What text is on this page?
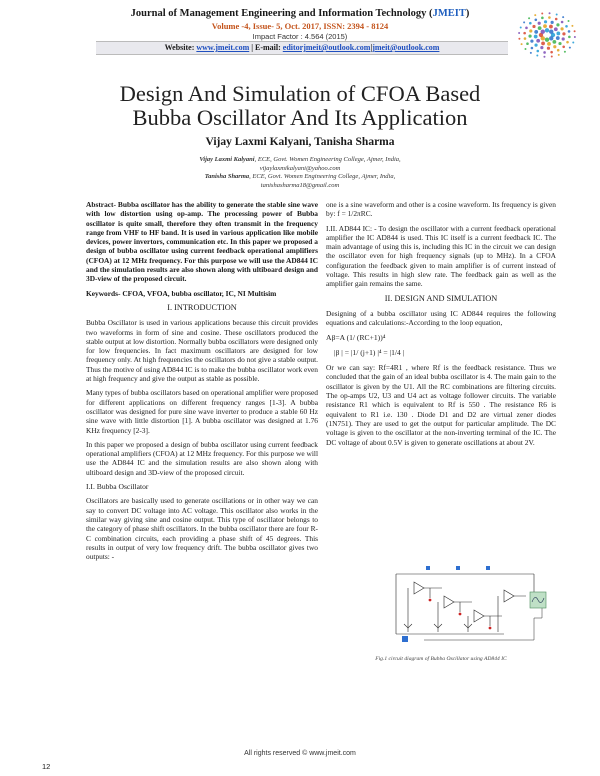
Journal of Management Engineering and Information Technology (JMEIT)
Volume -4, Issue- 5, Oct. 2017, ISSN: 2394 - 8124
Impact Factor : 4.564 (2015)
Website: www.jmeit.com | E-mail: editorjmeit@outlook.com|jmeit@outlook.com
Design And Simulation of CFOA Based
Bubba Oscillator And Its Application
Vijay Laxmi Kalyani, Tanisha Sharma
Vijay Laxmi Kalyani, ECE, Govt. Women Engineering College, Ajmer, India,
vijaylaxmikalyani@yahoo.com
Tanisha Sharma, ECE, Govt. Women Engineering College, Ajmer, India,
tanishasharma18@gmail.com

Abstract- Bubba oscillator has the ability to generate the stable sine wave with low distortion using op-amp. The processing power of Bubba oscillator is quite small, therefore they often transmit in the frequency range from VHF to HF band. It is used in various application like mobile devices, power invertors, communication etc. In this paper we proposed a design of bubba oscillator using current feedback operational amplifiers (CFOA) at 12 MHz frequency. For this purpose we will use the AD844 IC and the simulation results are also shown along with ultiboard design and 3D-view of the proposed circuit.

Keywords- CFOA, VFOA, bubba oscillator, IC, NI Multisim

I. INTRODUCTION

Bubba Oscillator is used in various applications because this circuit provides two waveforms in form of sine and cosine. These oscillators produced the stable output at low distortion. Normally bubba oscillators were designed only for low frequencies. In fact maximum oscillators are designed for low frequency only. At high frequencies the oscillators do not give a stable output. Thus the motive of using AD844 IC is to make the bubba oscillator work even at high frequency and give the output as stable as possible.

Many types of bubba oscillators based on operational amplifier were proposed for different applications on different frequency ranges [1-3]. A bubba oscillator was designed for pure sine wave inverter to produce a stable 60 Hz sine wave with little distortion [1]. A bubba oscillator was designed at 1.76 KHz frequency [2-3].

In this paper we proposed a design of bubba oscillator using current feedback operational amplifiers (CFOA) at 12 MHz frequency. For this purpose we will use the AD844 IC and the simulation results are also shown along with ultiboard design and 3D-view of the proposed circuit.

I.I. Bubba Oscillator

Oscillators are basically used to generate oscillations or in other way we can say to convert DC voltage into AC voltage. This oscillator also works in the similar way giving sine and cosine output. This type of oscillator belongs to the category of phase shift oscillators. In the bubba oscillator there are four R-C combination circuits, each providing a phase shift of 45 degrees. This results in output of very low frequency drift. The bubba oscillator gives two outputs: -

one is a sine waveform and other is a cosine waveform. Its frequency is given by: f = 1/2πRC.

I.II. AD844 IC: - To design the oscillator with a current feedback operational amplifier the IC AD844 is used. This IC itself is a current feedback IC. The main advantage of using this is, including this IC in the circuit we can design the oscillator even for high frequency signals (up to MHz). In a CFOA configuration the feedback given to main amplifier is of current instead of voltage. This results in high slew rate. The feedback gain as well as the amplifier gain remains the same.

II. DESIGN AND SIMULATION

Designing of a bubba oscillator using IC AD844 requires the following equations and calculations:-According to the loop equation,

Aβ=A (1/ (RC+1))⁴
|β | = |1/ (j+1) |⁴ = |1/4 |

Or we can say: Rf=4R1 , where Rf is the feedback resistance. Thus we concluded that the gain of an ideal bubba oscillator is 4. The main gain to the oscillator is given by the U1. All the RC combinations are filtering circuits. The op-amps U2, U3 and U4 act as voltage follower circuits. The variable resistance R1 which is equivalent to Rf is 550 . The resistance R6 is equivalent to R1 i.e. 130 . Diode D1 and D2 are virtual zener diodes (1N751). They are used to get the output for particular amplitude. The DC voltage is given to the oscillator at the non-inverting terminal of the IC. The DC voltage of about 0.5V is given to generate oscillations at about 2V.

Fig.1 circuit diagram of Bubba Oscillator using AD844 IC
All rights reserved © www.jmeit.com
12
